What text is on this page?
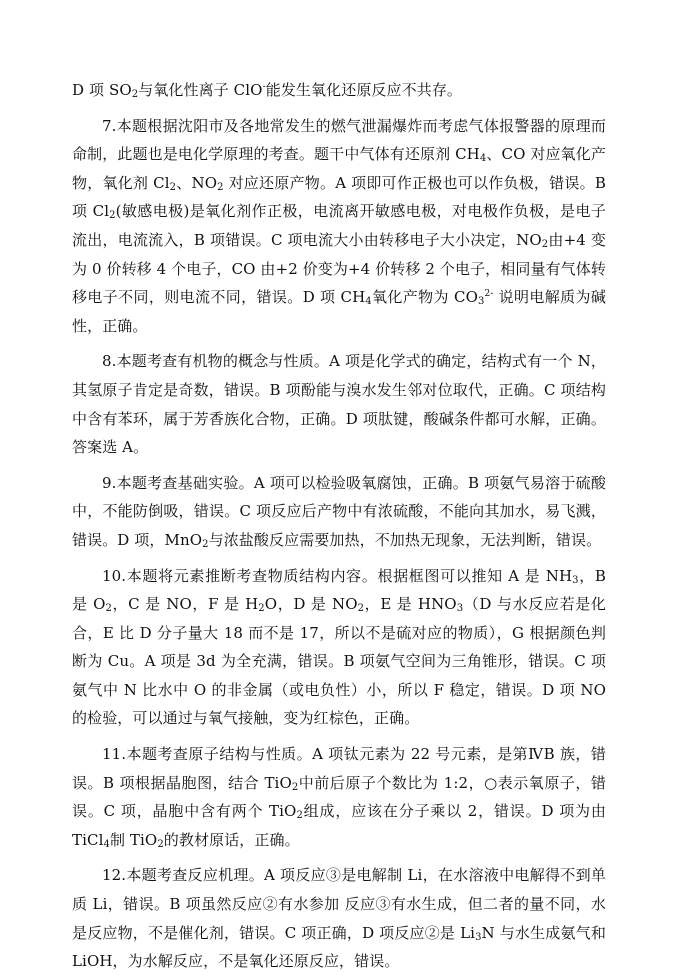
D 项 $SO_2$与氧化性离子 ClO-能发生氧化还原反应不共存。

7.本题根据沈阳市及各地常发生的燃气泄漏爆炸而考虑气体报警器的原理而命制，此题也是电化学原理的考查。题干中气体有还原剂 $CH_4$、CO 对应氧化产物，氧化剂 $Cl_2$、$NO_2$ 对应还原产物。A 项即可作正极也可以作负极，错误。B 项 $Cl_2$(敏感电极)是氧化剂作正极，电流离开敏感电极，对电极作负极，是电子流出，电流流入，B 项错误。C 项电流大小由转移电子大小决定，$NO_2$由+4 变为 0 价转移 4 个电子，CO 由+2 价变为+4 价转移 2 个电子，相同量有气体转移电子不同，则电流不同，错误。D 项 $CH_4$氧化产物为 $CO_3^{2-}$ 说明电解质为碱性，正确。

8.本题考查有机物的概念与性质。A 项是化学式的确定，结构式有一个 N，其氢原子肯定是奇数，错误。B 项酚能与溴水发生邻对位取代，正确。C 项结构中含有苯环，属于芳香族化合物，正确。D 项肽键，酸碱条件都可水解，正确。答案选 A。

9.本题考查基础实验。A 项可以检验吸氧腐蚀，正确。B 项氨气易溶于硫酸中，不能防倒吸，错误。C 项反应后产物中有浓硫酸，不能向其加水，易飞溅，错误。D 项，MnO$_2$与浓盐酸反应需要加热，不加热无现象，无法判断，错误。

10.本题将元素推断考查物质结构内容。根据框图可以推知 A 是 $NH_3$，B 是 $O_2$，C 是 NO，F 是 $H_2O$，D 是 $NO_2$，E 是 $HNO_3(D$ 与水反应若是化合，E 比 D 分子量大 18 而不是 17，所以不是硫对应的物质），G 根据颜色判断为 Cu。A 项是 3d 为全充满，错误。B 项氨气空间为三角锥形，错误。C 项氨气中 N 比水中 O 的非金属（或电负性）小，所以 F 稳定，错误。D 项 NO 的检验，可以通过与氧气接触，变为红棕色，正确。

11.本题考查原子结构与性质。A 项钛元素为 22 号元素，是第ⅣB 族，错误。B 项根据晶胞图，结合 TiO$_2$中前后原子个数比为 1:2，○表示氧原子，错误。C 项，晶胞中含有两个 TiO$_2$组成，应该在分子乘以 2，错误。D 项为由 TiCl$_4$制 TiO$_2$的教材原话，正确。

12.本题考查反应机理。A 项反应③是电解制 Li，在水溶液中电解得不到单质 Li，错误。B 项虽然反应②有水参加 反应③有水生成，但二者的量不同，水是反应物，不是催化剂，错误。C 项正确，D 项反应②是 $Li_3N$ 与水生成氨气和 LiOH，为水解反应，不是氧化还原反应，错误。
